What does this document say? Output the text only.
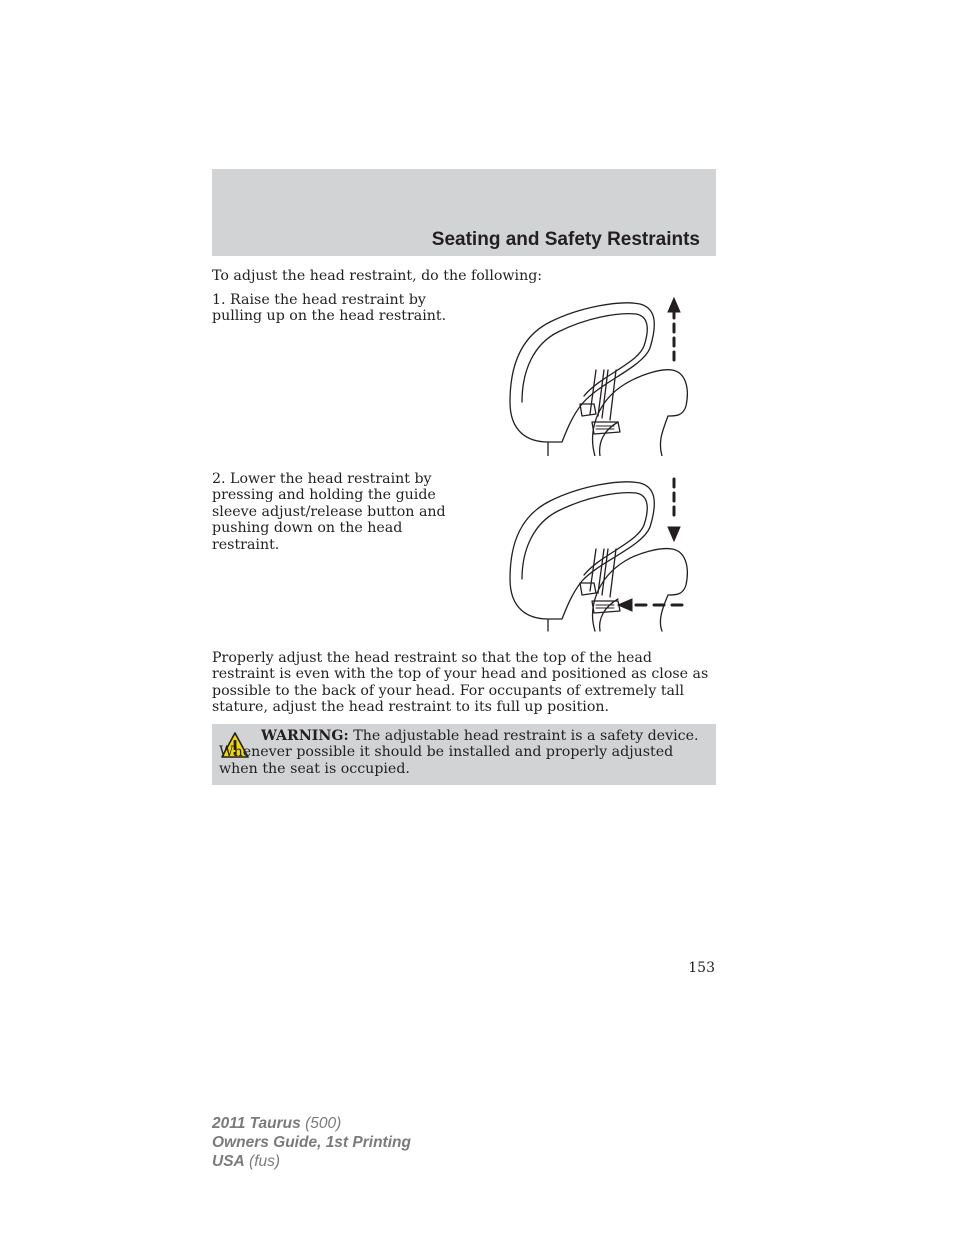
Seating and Safety Restraints
To adjust the head restraint, do the following:
1. Raise the head restraint by pulling up on the head restraint.
2. Lower the head restraint by pressing and holding the guide sleeve adjust/release button and pushing down on the head restraint.
Properly adjust the head restraint so that the top of the head restraint is even with the top of your head and positioned as close as possible to the back of your head. For occupants of extremely tall stature, adjust the head restraint to its full up position.
WARNING: The adjustable head restraint is a safety device. Whenever possible it should be installed and properly adjusted when the seat is occupied.
153
2011 Taurus (500)
Owners Guide, 1st Printing
USA (fus)
